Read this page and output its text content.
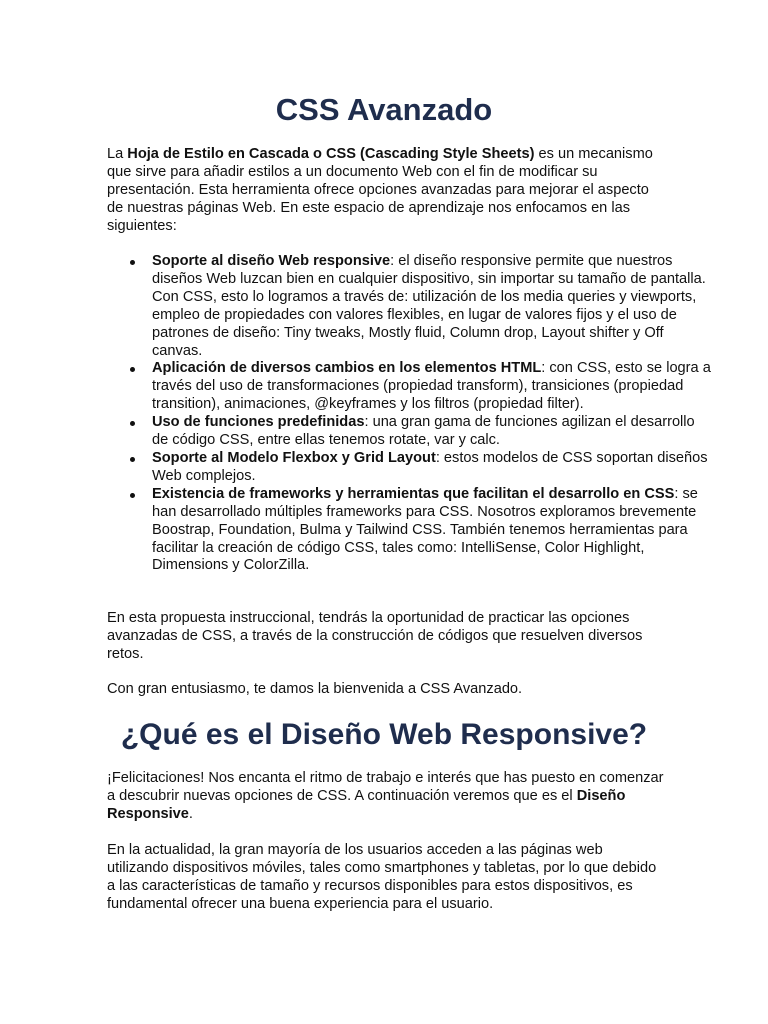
CSS Avanzado

La Hoja de Estilo en Cascada o CSS (Cascading Style Sheets) es un mecanismo que sirve para añadir estilos a un documento Web con el fin de modificar su presentación. Esta herramienta ofrece opciones avanzadas para mejorar el aspecto de nuestras páginas Web. En este espacio de aprendizaje nos enfocamos en las siguientes:

Soporte al diseño Web responsive: el diseño responsive permite que nuestros diseños Web luzcan bien en cualquier dispositivo, sin importar su tamaño de pantalla. Con CSS, esto lo logramos a través de: utilización de los media queries y viewports, empleo de propiedades con valores flexibles, en lugar de valores fijos y el uso de patrones de diseño: Tiny tweaks, Mostly fluid, Column drop, Layout shifter y Off canvas.
Aplicación de diversos cambios en los elementos HTML: con CSS, esto se logra a través del uso de transformaciones (propiedad transform), transiciones (propiedad transition), animaciones, @keyframes y los filtros (propiedad filter).
Uso de funciones predefinidas: una gran gama de funciones agilizan el desarrollo de código CSS, entre ellas tenemos rotate, var y calc.
Soporte al Modelo Flexbox y Grid Layout: estos modelos de CSS soportan diseños Web complejos.
Existencia de frameworks y herramientas que facilitan el desarrollo en CSS: se han desarrollado múltiples frameworks para CSS. Nosotros exploramos brevemente Boostrap, Foundation, Bulma y Tailwind CSS. También tenemos herramientas para facilitar la creación de código CSS, tales como: IntelliSense, Color Highlight, Dimensions y ColorZilla.

En esta propuesta instruccional, tendrás la oportunidad de practicar las opciones avanzadas de CSS, a través de la construcción de códigos que resuelven diversos retos.

Con gran entusiasmo, te damos la bienvenida a CSS Avanzado.

¿Qué es el Diseño Web Responsive?

¡Felicitaciones! Nos encanta el ritmo de trabajo e interés que has puesto en comenzar a descubrir nuevas opciones de CSS. A continuación veremos que es el Diseño Responsive.

En la actualidad, la gran mayoría de los usuarios acceden a las páginas web utilizando dispositivos móviles, tales como smartphones y tabletas, por lo que debido a las características de tamaño y recursos disponibles para estos dispositivos, es fundamental ofrecer una buena experiencia para el usuario.
